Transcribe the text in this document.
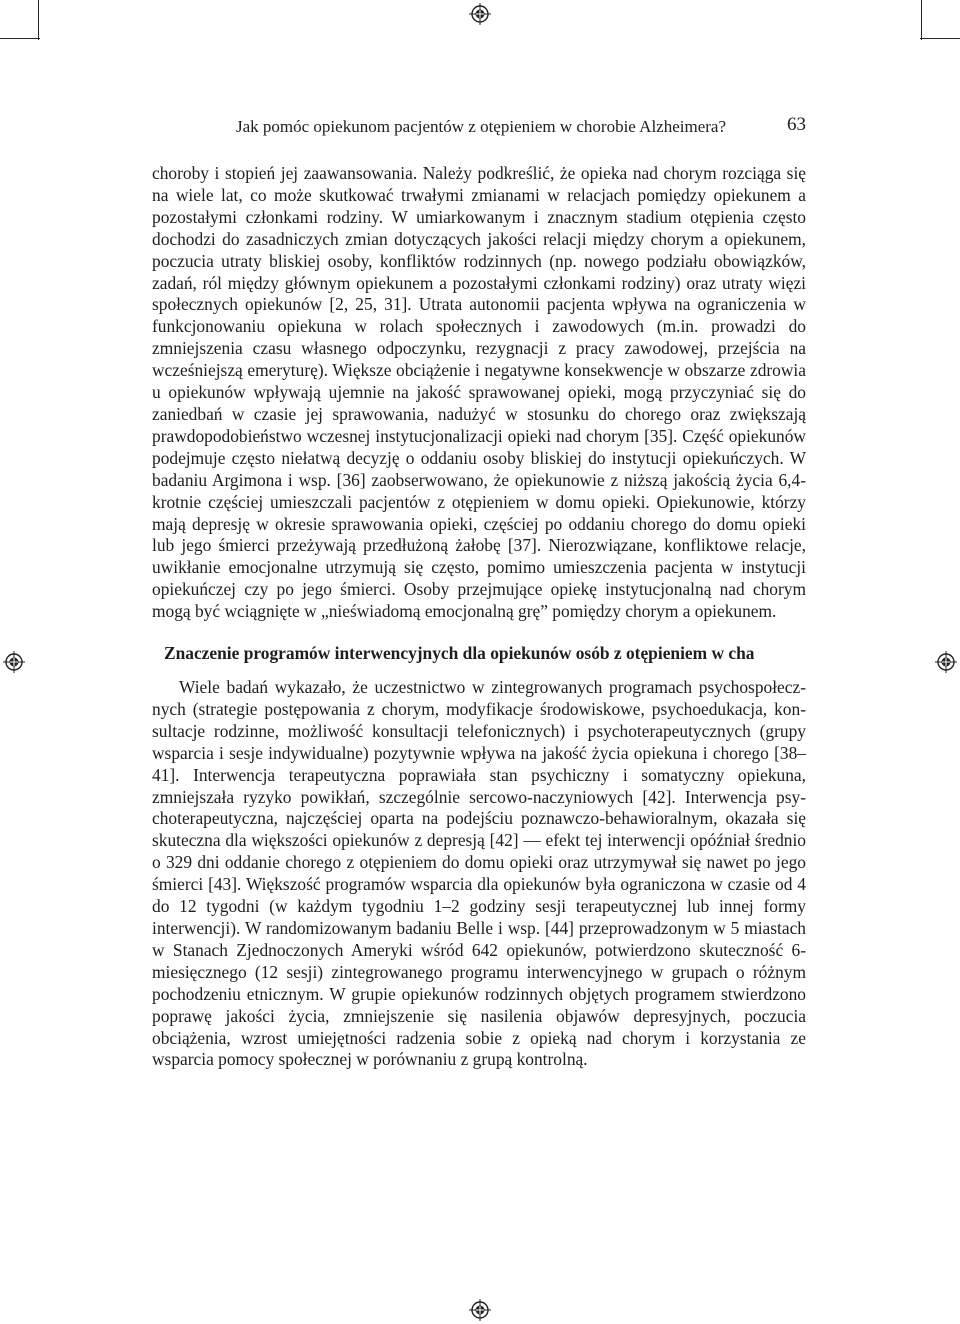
Jak pomóc opiekunom pacjentów z otępieniem w chorobie Alzheimera?	63

choroby i stopień jej zaawansowania. Należy podkreślić, że opieka nad chorym rozciąga się na wiele lat, co może skutkować trwałymi zmianami w relacjach pomiędzy opiekunem a pozostałymi członkami rodziny. W umiarkowanym i znacznym stadium otępienia często dochodzi do zasadniczych zmian dotyczących jakości relacji między chorym a opiekunem, poczucia utraty bliskiej osoby, konfliktów rodzinnych (np. nowego podziału obowiązków, zadań, ról między głównym opiekunem a pozostałymi członkami rodziny) oraz utraty więzi społecznych opiekunów [2, 25, 31]. Utrata autonomii pacjenta wpływa na ograniczenia w funkcjonowaniu opiekuna w rolach społecznych i zawodowych (m.in. prowadzi do zmniejszenia czasu własnego odpoczynku, rezygnacji z pracy zawodowej, przejścia na wcześniejszą emeryturę). Większe obciążenie i negatywne konsekwencje w obszarze zdrowia u opiekunów wpływają ujemnie na jakość sprawowanej opieki, mogą przyczyniać się do zaniedbań w czasie jej sprawowania, nadużyć w stosunku do chorego oraz zwiększają prawdopodobieństwo wczesnej instytucjonalizacji opieki nad chorym [35]. Część opiekunów podejmuje często niełatwą decyzję o oddaniu osoby bliskiej do instytucji opiekuńczych. W badaniu Argimona i wsp. [36] zaobserwowano, że opiekunowie z niższą jakością życia 6,4-krotnie częściej umieszczali pacjentów z otępieniem w domu opieki. Opiekunowie, którzy mają depresję w okresie sprawowania opieki, częściej po oddaniu chorego do domu opieki lub jego śmierci przeżywają przedłużoną żałobę [37]. Nierozwiązane, konfliktowe relacje, uwikłanie emocjonalne utrzymują się często, pomimo umieszczenia pacjenta w instytucji opiekuńczej czy po jego śmierci. Osoby przejmujące opiekę instytucjonalną nad chorym mogą być wciągnięte w „nieświadomą emocjonalną grę” pomiędzy chorym a opiekunem.

Znaczenie programów interwencyjnych dla opiekunów osób z otępieniem w cha

Wiele badań wykazało, że uczestnictwo w zintegrowanych programach psychospołecznych (strategie postępowania z chorym, modyfikacje środowiskowe, psychoedukacja, konsultacje rodzinne, możliwość konsultacji telefonicznych) i psychoterapeutycznych (grupy wsparcia i sesje indywidualne) pozytywnie wpływa na jakość życia opiekuna i chorego [38–41]. Interwencja terapeutyczna poprawiała stan psychiczny i somatyczny opiekuna, zmniejszała ryzyko powikłań, szczególnie sercowo-naczyniowych [42]. Interwencja psychoterapeutyczna, najczęściej oparta na podejściu poznawczo-behawioralnym, okazała się skuteczna dla większości opiekunów z depresją [42] — efekt tej interwencji opóźniał średnio o 329 dni oddanie chorego z otępieniem do domu opieki oraz utrzymywał się nawet po jego śmierci [43]. Większość programów wsparcia dla opiekunów była ograniczona w czasie od 4 do 12 tygodni (w każdym tygodniu 1–2 godziny sesji terapeutycznej lub innej formy interwencji). W randomizowanym badaniu Belle i wsp. [44] przeprowadzonym w 5 miastach w Stanach Zjednoczonych Ameryki wśród 642 opiekunów, potwierdzono skuteczność 6-miesięcznego (12 sesji) zintegrowanego programu interwencyjnego w grupach o różnym pochodzeniu etnicznym. W grupie opiekunów rodzinnych objętych programem stwierdzono poprawę jakości życia, zmniejszenie się nasilenia objawów depresyjnych, poczucia obciążenia, wzrost umiejętności radzenia sobie z opieką nad chorym i korzystania ze wsparcia pomocy społecznej w porównaniu z grupą kontrolną.
